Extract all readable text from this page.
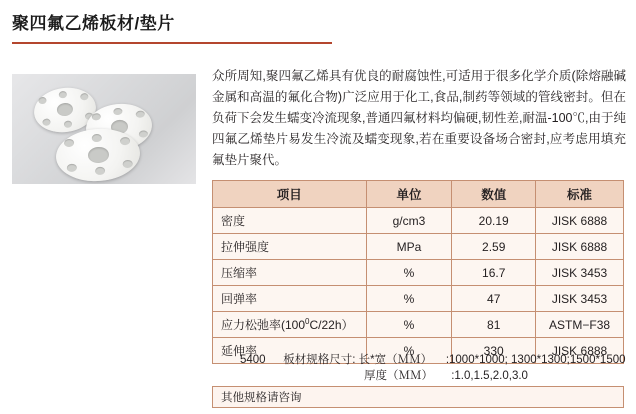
聚四氟乙烯板材/垫片
众所周知,聚四氟乙烯具有优良的耐腐蚀性,可适用于很多化学介质(除熔融碱金属和高温的氟化合物)广泛应用于化工,食品,制药等领域的管线密封。但在负荷下会发生蠕变冷流现象,普通四氟材料均偏硬,韧性差,耐温-100℃,由于纯四氟乙烯垫片易发生冷流及蠕变现象,若在重要设备场合密封,应考虑用填充氟垫片聚代。
项目	单位	数值	标准
密度	g/cm3	20.19	JISK 6888
拉伸强度	MPa	2.59	JISK 6888
压缩率	%	16.7	JISK 3453
回弹率	%	47	JISK 3453
应力松弛率$(100^0C/22h)$	%	81	ASTM−F38
延伸率	%	330	JISK 6888
5400 板材规格尺寸: 长*宽（ＭＭ） :1000*1000; 1300*1300;1500*1500
厚度（ＭＭ） :1.0,1.5,2.0,3.0
其他规格请咨询
